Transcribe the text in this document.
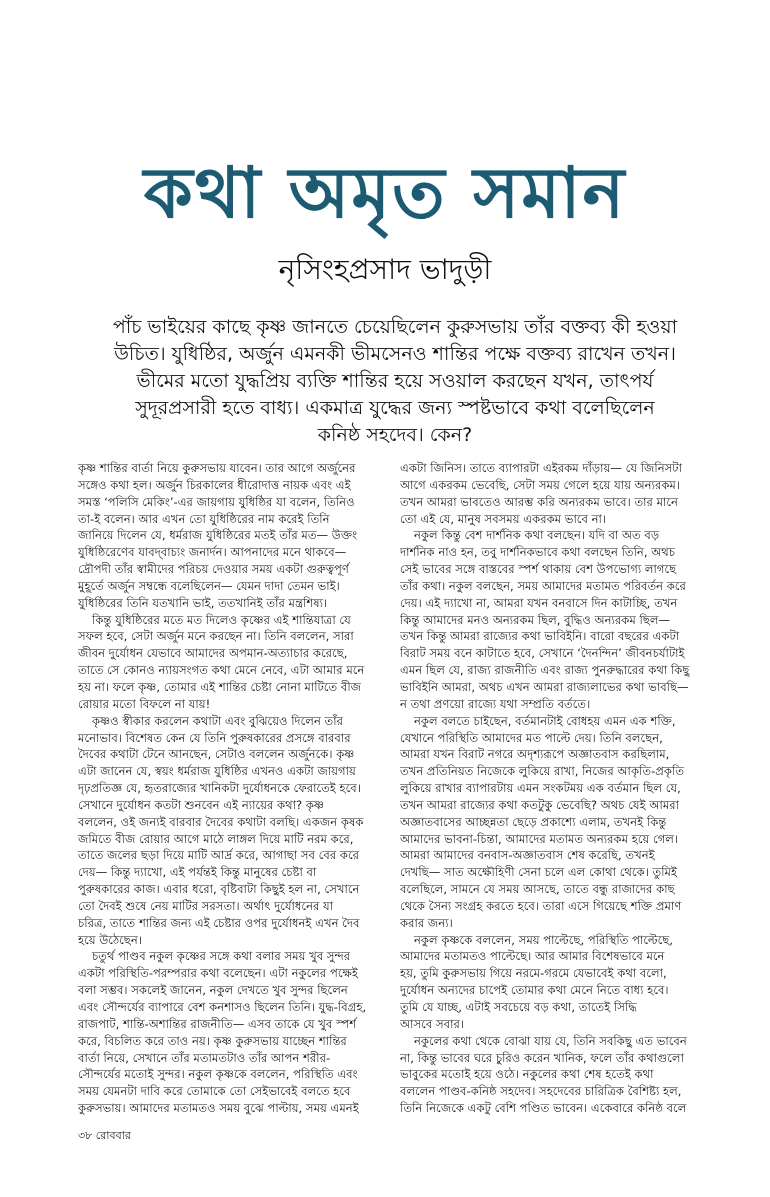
কথা অমৃত সমান
নৃসিংহপ্রসাদ ভাদুড়ী
পাঁচ ভাইয়ের কাছে কৃষ্ণ জানতে চেয়েছিলেন কুরুসভায় তাঁর বক্তব্য কী হওয়া
উচিত। যুধিষ্ঠির, অর্জুন এমনকী ভীমসেনও শান্তির পক্ষে বক্তব্য রাখেন তখন।
ভীমের মতো যুদ্ধপ্রিয় ব্যক্তি শান্তির হয়ে সওয়াল করছেন যখন, তাৎপর্য
সুদূরপ্রসারী হতে বাধ্য। একমাত্র যুদ্ধের জন্য স্পষ্টভাবে কথা বলেছিলেন
কনিষ্ঠ সহদেব। কেন?
কৃষ্ণ শান্তির বার্তা নিয়ে কুরুসভায় যাবেন। তার আগে অর্জুনের
সঙ্গেও কথা হল। অর্জুন চিরকালের ধীরোদাত্ত নায়ক এবং এই
সমস্ত ‘পলিসি মেকিং’-এর জায়গায় যুধিষ্ঠির যা বলেন, তিনিও
তা-ই বলেন। আর এখন তো যুধিষ্ঠিরের নাম করেই তিনি
জানিয়ে দিলেন যে, ধর্মরাজ যুধিষ্ঠিরের মতই তাঁর মত— উক্তং
যুধিষ্ঠিরেণেব যাবদ্‌বাচ্যং জনার্দন। আপনাদের মনে থাকবে—
দ্রৌপদী তাঁর স্বামীদের পরিচয় দেওয়ার সময় একটা গুরুত্বপূর্ণ
মুহূর্তে অর্জুন সম্বন্ধে বলেছিলেন— যেমন দাদা তেমন ভাই।
যুধিষ্ঠিরের তিনি যতখানি ভাই, ততখানিই তাঁর মন্ত্রশিষ্য।
কিন্তু যুধিষ্ঠিরের মতে মত দিলেও কৃষ্ণের এই শান্তিযাত্রা যে
সফল হবে, সেটা অর্জুন মনে করছেন না। তিনি বললেন, সারা
জীবন দুর্যোধন যেভাবে আমাদের অপমান-অত্যাচার করেছে,
তাতে সে কোনও ন্যায়সংগত কথা মেনে নেবে, এটা আমার মনে
হয় না। ফলে কৃষ্ণ, তোমার এই শান্তির চেষ্টা নোনা মাটিতে বীজ
রোয়ার মতো বিফলে না যায়!
কৃষ্ণও স্বীকার করলেন কথাটা এবং বুঝিয়েও দিলেন তাঁর
মনোভাব। বিশেষত কেন যে তিনি পুরুষকারের প্রসঙ্গে বারবার
দৈবের কথাটা টেনে আনছেন, সেটাও বললেন অর্জুনকে। কৃষ্ণ
এটা জানেন যে, স্বয়ং ধর্মরাজ যুধিষ্ঠির এখনও একটা জায়গায়
দৃঢ়প্রতিজ্ঞ যে, হৃতরাজ্যের খানিকটা দুর্যোধনকে ফেরাতেই হবে।
সেখানে দুর্যোধন কতটা শুনবেন এই ন্যায়ের কথা? কৃষ্ণ
বললেন, ওই জন্যই বারবার দৈবের কথাটা বলছি। একজন কৃষক
জমিতে বীজ রোয়ার আগে মাঠে লাঙ্গল দিয়ে মাটি নরম করে,
তাতে জলের ছড়া দিয়ে মাটি আর্দ্র করে, আগাছা সব বের করে
দেয়— কিন্তু দ্যাখো, এই পর্যন্তই কিন্তু মানুষের চেষ্টা বা
পুরুষকারের কাজ। এবার ধরো, বৃষ্টিবাটা কিছুই হল না, সেখানে
তো দৈবই শুষে নেয় মাটির সরসতা। অর্থাৎ দুর্যোধনের যা
চরিত্র, তাতে শান্তির জন্য এই চেষ্টার ওপর দুর্যোধনই এখন দৈব
হয়ে উঠেছেন।
চতুর্থ পাণ্ডব নকুল কৃষ্ণের সঙ্গে কথা বলার সময় খুব সুন্দর
একটা পরিস্থিতি-পরম্পরার কথা বলেছেন। এটা নকুলের পক্ষেই
বলা সম্ভব। সকলেই জানেন, নকুল দেখতে খুব সুন্দর ছিলেন
এবং সৌন্দর্যের ব্যাপারে বেশ কনশাসও ছিলেন তিনি। যুদ্ধ-বিগ্রহ,
রাজপাট, শান্তি-অশান্তির রাজনীতি— এসব তাকে যে খুব স্পর্শ
করে, বিচলিত করে তাও নয়। কৃষ্ণ কুরুসভায় যাচ্ছেন শান্তির
বার্তা নিয়ে, সেখানে তাঁর মতামতটাও তাঁর আপন শরীর-
সৌন্দর্যের মতোই সুন্দর। নকুল কৃষ্ণকে বললেন, পরিস্থিতি এবং
সময় যেমনটা দাবি করে তোমাকে তো সেইভাবেই বলতে হবে
কুরুসভায়। আমাদের মতামতও সময় বুঝে পাল্টায়, সময় এমনই
একটা জিনিস। তাতে ব্যাপারটা এইরকম দাঁড়ায়— যে জিনিসটা
আগে একরকম ভেবেছি, সেটা সময় গেলে হয়ে যায় অন্যরকম।
তখন আমরা ভাবতেও আরম্ভ করি অন্যরকম ভাবে। তার মানে
তো এই যে, মানুষ সবসময় একরকম ভাবে না।
নকুল কিন্তু বেশ দার্শনিক কথা বলছেন। যদি বা অত বড়
দার্শনিক নাও হন, তবু দার্শনিকভাবে কথা বলছেন তিনি, অথচ
সেই ভাবের সঙ্গে বাস্তবের স্পর্শ থাকায় বেশ উপভোগ্য লাগছে
তাঁর কথা। নকুল বলছেন, সময় আমাদের মতামত পরিবর্তন করে
দেয়। এই দ্যাখো না, আমরা যখন বনবাসে দিন কাটাচ্ছি, তখন
কিন্তু আমাদের মনও অন্যরকম ছিল, বুদ্ধিও অন্যরকম ছিল—
তখন কিন্তু আমরা রাজ্যের কথা ভাবিইনি। বারো বছরের একটা
বিরাট সময় বনে কাটাতে হবে, সেখানে ‘দৈনন্দিন’ জীবনচর্যাটাই
এমন ছিল যে, রাজ্য রাজনীতি এবং রাজ্য পুনরুদ্ধারের কথা কিছু
ভাবিইনি আমরা, অথচ এখন আমরা রাজ্যলাভের কথা ভাবছি—
ন তথা প্রণয়ো রাজ্যে যথা সম্প্রতি বর্ততে।
নকুল বলতে চাইছেন, বর্তমানটাই বোধহয় এমন এক শক্তি,
যেখানে পরিস্থিতি আমাদের মত পাল্টে দেয়। তিনি বলছেন,
আমরা যখন বিরাট নগরে অদৃশ্যরূপে অজ্ঞাতবাস করছিলাম,
তখন প্রতিনিয়ত নিজেকে লুকিয়ে রাখা, নিজের আকৃতি-প্রকৃতি
লুকিয়ে রাখার ব্যাপারটায় এমন সংকটময় এক বর্তমান ছিল যে,
তখন আমরা রাজ্যের কথা কতটুকু ভেবেছি? অথচ যেই আমরা
অজ্ঞাতবাসের আচ্ছন্নতা ছেড়ে প্রকাশ্যে এলাম, তখনই কিন্তু
আমাদের ভাবনা-চিন্তা, আমাদের মতামত অন্যরকম হয়ে গেল।
আমরা আমাদের বনবাস-অজ্ঞাতবাস শেষ করেছি, তখনই
দেখছি— সাত অক্ষৌহিণী সেনা চলে এল কোথা থেকে। তুমিই
বলেছিলে, সামনে যে সময় আসছে, তাতে বন্ধু রাজাদের কাছ
থেকে সৈন্য সংগ্রহ করতে হবে। তারা এসে গিয়েছে শক্তি প্রমাণ
করার জন্য।
নকুল কৃষ্ণকে বললেন, সময় পাল্টেছে, পরিস্থিতি পাল্টেছে,
আমাদের মতামতও পাল্টেছে। আর আমার বিশেষভাবে মনে
হয়, তুমি কুরুসভায় গিয়ে নরমে-গরমে যেভাবেই কথা বলো,
দুর্যোধন অন্যদের চাপেই তোমার কথা মেনে নিতে বাধ্য হবে।
তুমি যে যাচ্ছ, এটাই সবচেয়ে বড় কথা, তাতেই সিদ্ধি
আসবে সবার।
নকুলের কথা থেকে বোঝা যায় যে, তিনি সবকিছু এত ভাবেন
না, কিন্তু ভাবের ঘরে চুরিও করেন খানিক, ফলে তাঁর কথাগুলো
ভাবুকের মতোই হয়ে ওঠে। নকুলের কথা শেষ হতেই কথা
বললেন পাণ্ডব-কনিষ্ঠ সহদেব। সহদেবের চারিত্রিক বৈশিষ্ট্য হল,
তিনি নিজেকে একটু বেশি পণ্ডিত ভাবেন। একেবারে কনিষ্ঠ বলে
৩৮ রোববার
